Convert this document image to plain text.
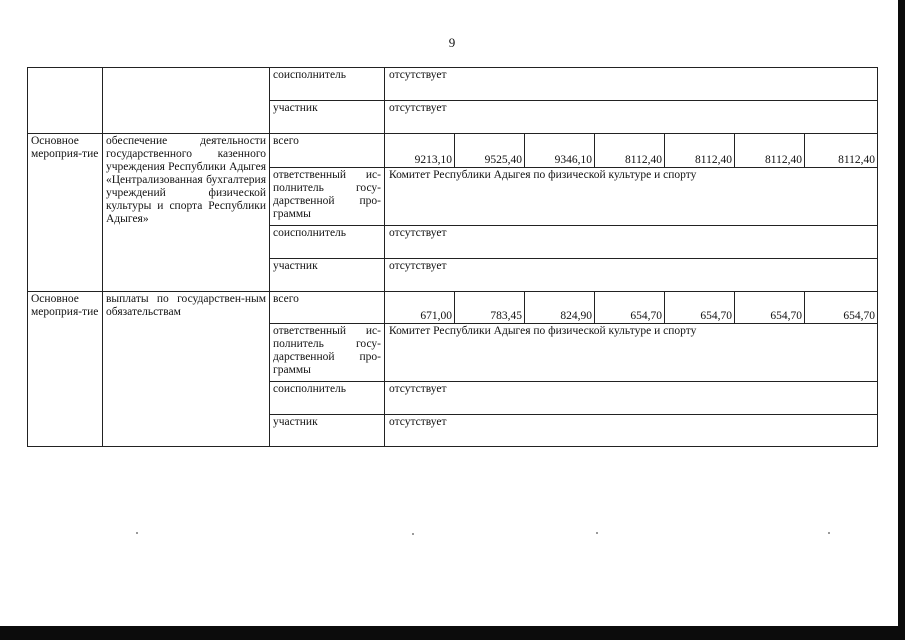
9
		соисполнитель	отсутствует						
		участник	отсутствует						
Основное мероприя-тие	обеспечение деятельности государственного казенного учреждения Республики Адыгея «Централизованная бухгалтерия учреждений физической культуры и спорта Республики Адыгея»	всего	9213,10	9525,40	9346,10	8112,40	8112,40	8112,40	8112,40
		ответственный ис-полнитель госу-дарственной про-граммы	Комитет Республики Адыгея по физической культуре и спорту						
		соисполнитель	отсутствует						
		участник	отсутствует						
Основное мероприя-тие	выплаты по государствен-ным обязательствам	всего	671,00	783,45	824,90	654,70	654,70	654,70	654,70
		ответственный ис-полнитель госу-дарственной про-граммы	Комитет Республики Адыгея по физической культуре и спорту						
		соисполнитель	отсутствует						
		участник	отсутствует						
